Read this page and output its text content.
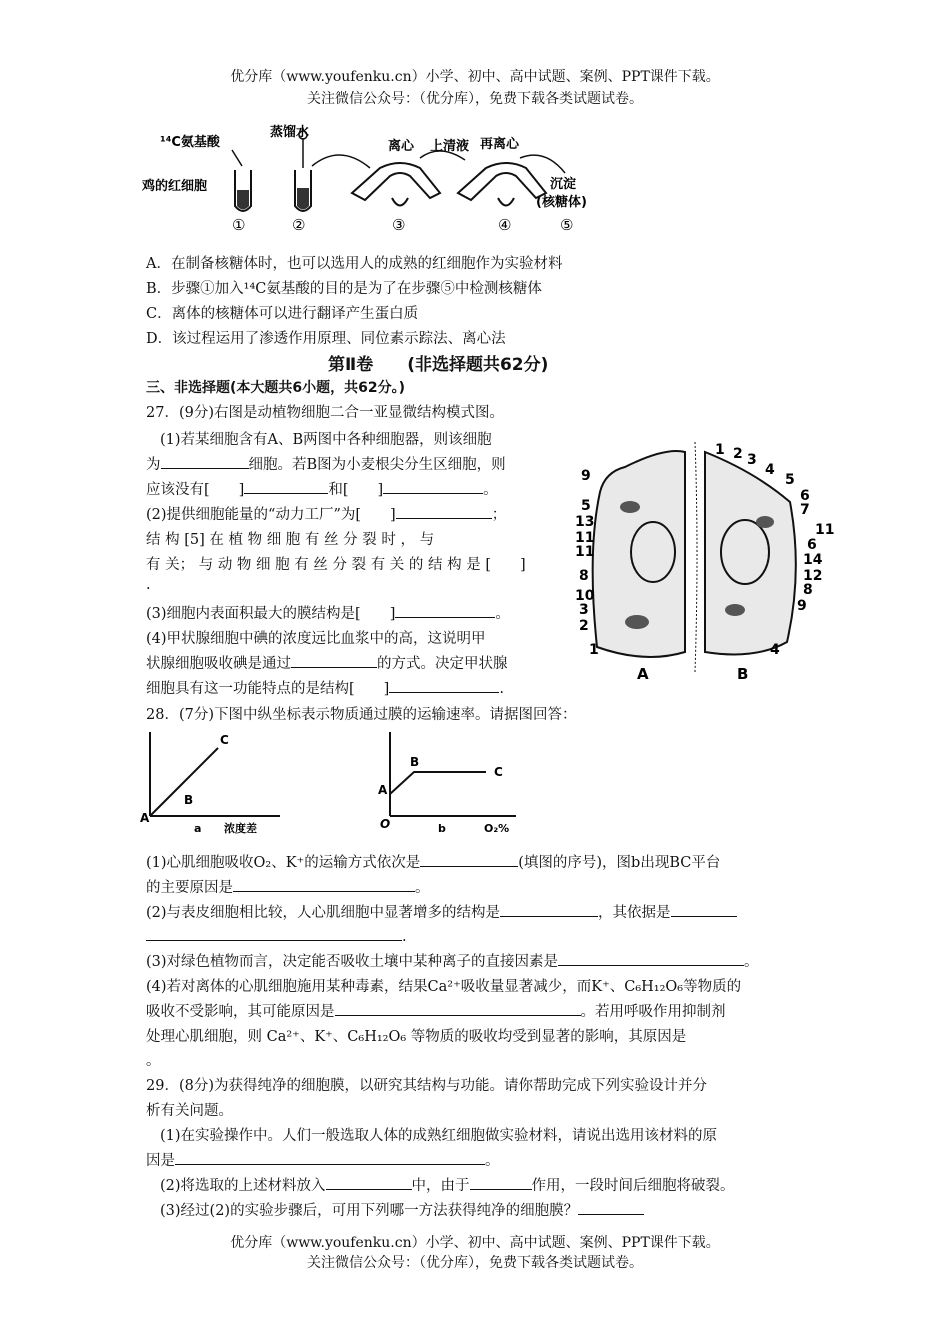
优分库（www.youfenku.cn）小学、初中、高中试题、案例、PPT课件下载。
关注微信公众号：（优分库），免费下载各类试题试卷。
¹⁴C氨基酸
蒸馏水
鸡的红细胞
离心 上清液 再离心
沉淀
(核糖体)
①	②	③	④	⑤
A．在制备核糖体时，也可以选用人的成熟的红细胞作为实验材料
B．步骤①加入¹⁴C氨基酸的目的是为了在步骤⑤中检测核糖体
C．离体的核糖体可以进行翻译产生蛋白质
D．该过程运用了渗透作用原理、同位素示踪法、离心法
第Ⅱ卷　　(非选择题共62分)
三、非选择题(本大题共6小题，共62分。)
27．(9分)右图是动植物细胞二合一亚显微结构模式图。
(1)若某细胞含有A、B两图中各种细胞器，则该细胞
为	细胞。若B图为小麦根尖分生区细胞，则
应该没有[　　]	和[　　]	。
(2)提供细胞能量的“动力工厂”为[　　]	；
结 构 [5] 在 植 物 细 胞 有 丝 分 裂 时 ， 与
有 关； 与 动 物 细 胞 有 丝 分 裂 有 关 的 结 构 是 [　　]
.
(3)细胞内表面积最大的膜结构是[　　]	。
(4)甲状腺细胞中碘的浓度远比血浆中的高，这说明甲
状腺细胞吸收碘是通过	的方式。决定甲状腺
细胞具有这一功能特点的是结构[　　]	.
9
5
13
11
11
8
10
3
2
1
1 2 3
4
5
6
7
11
6
14
12
8
9
4
A	B
28．(7分)下图中纵坐标表示物质通过膜的运输速率。请据图回答：
A
B
C
浓度差
a
A
B
C
O	O₂%
b
(1)心肌细胞吸收O₂、K⁺的运输方式依次是	(填图的序号)，图b出现BC平台
的主要原因是	。
(2)与表皮细胞相比较，人心肌细胞中显著增多的结构是	，其依据是
.
(3)对绿色植物而言，决定能否吸收土壤中某种离子的直接因素是	。
(4)若对离体的心肌细胞施用某种毒素，结果Ca²⁺吸收量显著减少，而K⁺、C₆H₁₂O₆等物质的
吸收不受影响，其可能原因是	。若用呼吸作用抑制剂
处理心肌细胞，则 Ca²⁺、K⁺、C₆H₁₂O₆ 等物质的吸收均受到显著的影响，其原因是
。
29．(8分)为获得纯净的细胞膜，以研究其结构与功能。请你帮助完成下列实验设计并分
析有关问题。
(1)在实验操作中。人们一般选取人体的成熟红细胞做实验材料，请说出选用该材料的原
因是	。
(2)将选取的上述材料放入	中，由于	作用，一段时间后细胞将破裂。
(3)经过(2)的实验步骤后，可用下列哪一方法获得纯净的细胞膜？
优分库（www.youfenku.cn）小学、初中、高中试题、案例、PPT课件下载。
关注微信公众号：（优分库），免费下载各类试题试卷。
